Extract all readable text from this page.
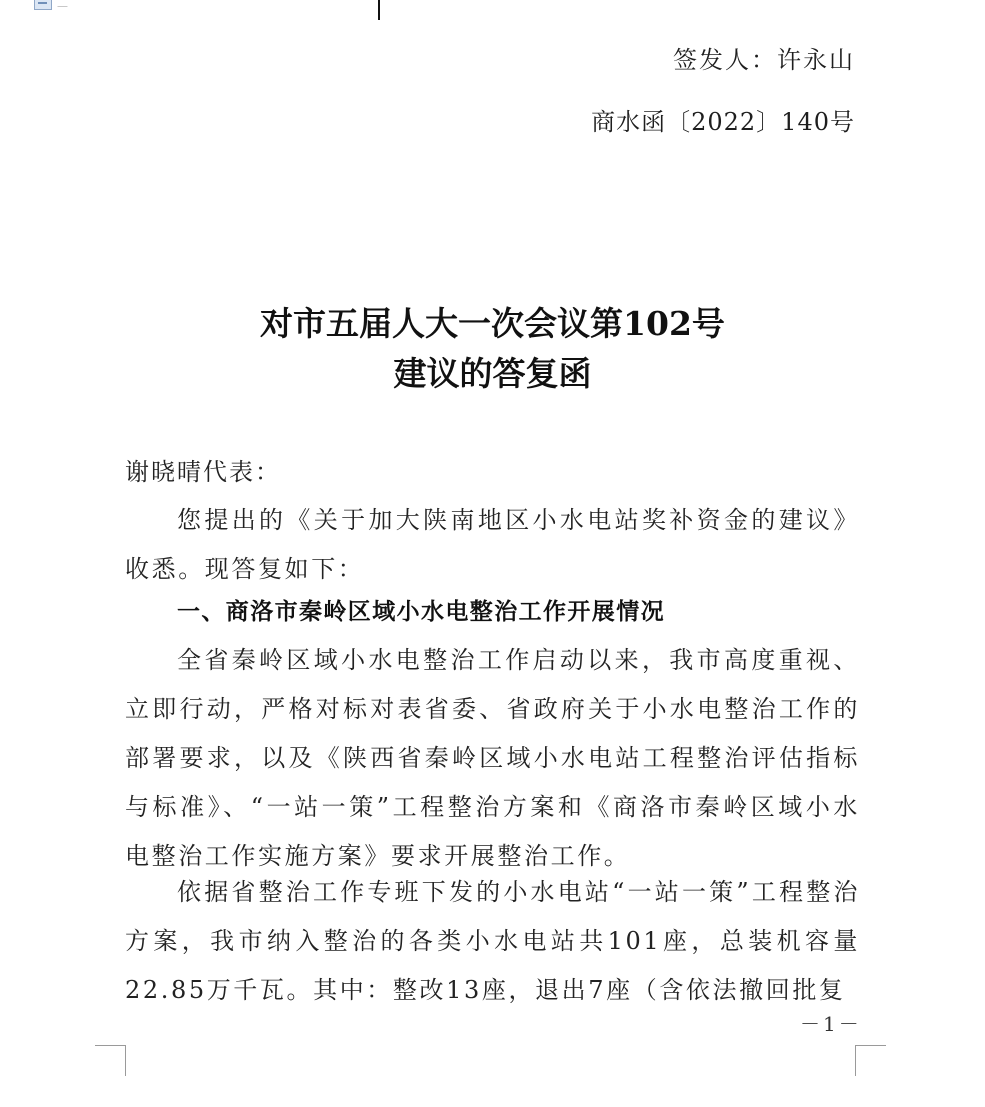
签发人：许永山
商水函〔2022〕140号
对市五届人大一次会议第102号
建议的答复函
谢晓晴代表：

您提出的《关于加大陕南地区小水电站奖补资金的建议》收悉。现答复如下：

一、商洛市秦岭区域小水电整治工作开展情况

全省秦岭区域小水电整治工作启动以来，我市高度重视、立即行动，严格对标对表省委、省政府关于小水电整治工作的部署要求，以及《陕西省秦岭区域小水电站工程整治评估指标与标准》、“一站一策”工程整治方案和《商洛市秦岭区域小水电整治工作实施方案》要求开展整治工作。

依据省整治工作专班下发的小水电站“一站一策”工程整治方案，我市纳入整治的各类小水电站共101座，总装机容量22.85万千瓦。其中：整改13座，退出7座（含依法撤回批复

－1－
